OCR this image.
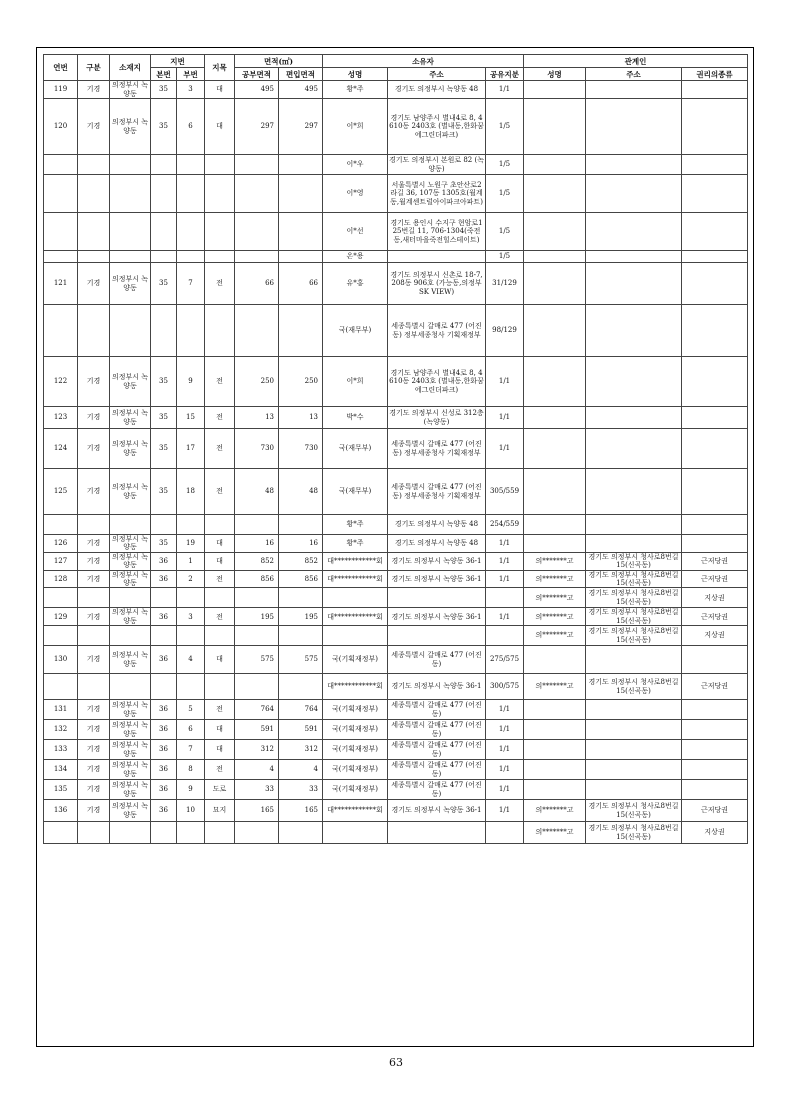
연번	구분	소재지	지번		지목	면적(㎡)		소유자			관계인		
			본번	부번		공부면적	편입면적	성명	주소	공유지분	성명	주소	권리의종류
119	기경	의정부시 녹양동	35	3	대	495	495	황*주	경기도 의정부시 녹양동 48	1/1			
120	기경	의정부시 녹양동	35	6	대	297	297	이*희	경기도 남양주시 별내4로 8, 4610동 2403호 (별내동,한화꿈에그린더파크)	1/5			
								이*우	경기도 의정부시 본원로 82 (녹양동)	1/5			
								이*영	서울특별시 노원구 초안산로2라길 36, 107동 1305호(월계동,월계센트럴아이파크아파트)	1/5			
								이*선	경기도 용인시 수지구 현암로125번길 11, 706-1304(죽전동,새터마을죽전힐스테이트)	1/5			
								온*용		1/5			
121	기경	의정부시 녹양동	35	7	전	66	66	유*홍	경기도 의정부시 신촌로 18-7, 208동 906호 (가능동,의정부 SK VIEW)	31/129			
								국(재무부)	세종특별시 갈매로 477 (어진동) 정부세종청사 기획재정부	98/129			
122	기경	의정부시 녹양동	35	9	전	250	250	이*희	경기도 남양주시 별내4로 8, 4610동 2403호 (별내동,한화꿈에그린더파크)	1/1			
123	기경	의정부시 녹양동	35	15	전	13	13	박*수	경기도 의정부시 신성로 312층(녹양동)	1/1			
124	기경	의정부시 녹양동	35	17	전	730	730	국(재무부)	세종특별시 갈매로 477 (어진동) 정부세종청사 기획재정부	1/1			
125	기경	의정부시 녹양동	35	18	전	48	48	국(재무부)	세종특별시 갈매로 477 (어진동) 정부세종청사 기획재정부	305/559			
								황*주	경기도 의정부시 녹양동 48	254/559			
126	기경	의정부시 녹양동	35	19	대	16	16	황*주	경기도 의정부시 녹양동 48	1/1			
127	기경	의정부시 녹양동	36	1	대	852	852	대************회	경기도 의정부시 녹양동 36-1	1/1	의*******고	경기도 의정부시 청사로8번길 15(신곡동)	근저당권
128	기경	의정부시 녹양동	36	2	전	856	856	대************회	경기도 의정부시 녹양동 36-1	1/1	의*******고	경기도 의정부시 청사로8번길 15(신곡동)	근저당권
											의*******고	경기도 의정부시 청사로8번길 15(신곡동)	지상권
129	기경	의정부시 녹양동	36	3	전	195	195	대************회	경기도 의정부시 녹양동 36-1	1/1	의*******고	경기도 의정부시 청사로8번길 15(신곡동)	근저당권
											의*******고	경기도 의정부시 청사로8번길 15(신곡동)	지상권
130	기경	의정부시 녹양동	36	4	대	575	575	국(기획재정부)	세종특별시 갈매로 477 (어진동)	275/575			
								대************회	경기도 의정부시 녹양동 36-1	300/575	의*******고	경기도 의정부시 청사로8번길 15(신곡동)	근저당권
131	기경	의정부시 녹양동	36	5	전	764	764	국(기획재정부)	세종특별시 갈매로 477 (어진동)	1/1			
132	기경	의정부시 녹양동	36	6	대	591	591	국(기획재정부)	세종특별시 갈매로 477 (어진동)	1/1			
133	기경	의정부시 녹양동	36	7	대	312	312	국(기획재정부)	세종특별시 갈매로 477 (어진동)	1/1			
134	기경	의정부시 녹양동	36	8	전	4	4	국(기획재정부)	세종특별시 갈매로 477 (어진동)	1/1			
135	기경	의정부시 녹양동	36	9	도로	33	33	국(기획재정부)	세종특별시 갈매로 477 (어진동)	1/1			
136	기경	의정부시 녹양동	36	10	묘지	165	165	대************회	경기도 의정부시 녹양동 36-1	1/1	의*******고	경기도 의정부시 청사로8번길 15(신곡동)	근저당권
											의*******고	경기도 의정부시 청사로8번길 15(신곡동)	지상권
63
